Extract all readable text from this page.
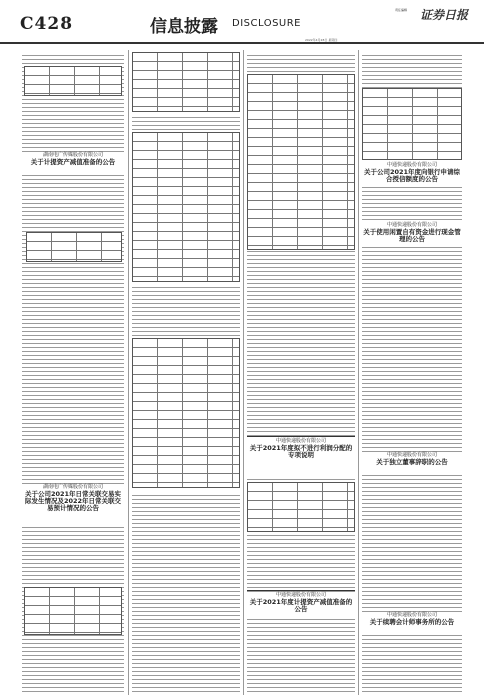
C428	信息披露 DISCLOSURE
责任编辑 证券日报
2022年4月28日 星期四
湖南电广传媒股份有限公司
关于计提资产减值准备的公告
湖南电广传媒股份有限公司
关于公司2021年日常关联交易实际发生情况及2022年日常关联交易预计情况的公告
中通快递股份有限公司
关于2021年度拟不进行利润分配的专项说明
中通快递股份有限公司
关于2021年度计提资产减值准备的公告
中通快递股份有限公司
关于公司2021年度向银行申请综合授信额度的公告
中通快递股份有限公司
关于使用闲置自有资金进行现金管理的公告
中通快递股份有限公司
关于独立董事辞职的公告
中通快递股份有限公司
关于续聘会计师事务所的公告
